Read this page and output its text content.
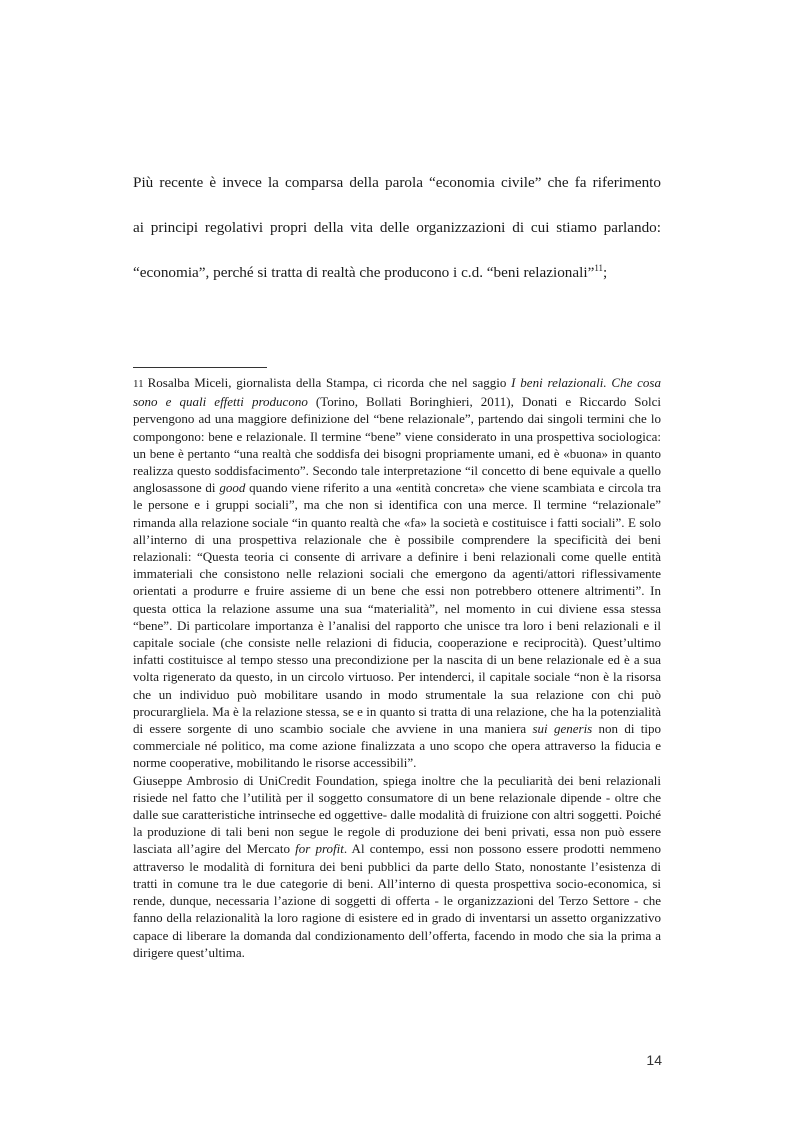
Più recente è invece la comparsa della parola “economia civile” che fa riferimento
ai principi regolativi propri della vita delle organizzazioni di cui stiamo parlando:
“economia”, perché si tratta di realtà che producono i c.d. “beni relazionali”$^{11}$;

11 Rosalba Miceli, giornalista della Stampa, ci ricorda che nel saggio I beni relazionali. Che cosa sono e quali effetti producono (Torino, Bollati Boringhieri, 2011), Donati e Riccardo Solci pervengono ad una maggiore definizione del “bene relazionale”, partendo dai singoli termini che lo compongono: bene e relazionale. Il termine “bene” viene considerato in una prospettiva sociologica: un bene è pertanto “una realtà che soddisfa dei bisogni propriamente umani, ed è «buona» in quanto realizza questo soddisfacimento”. Secondo tale interpretazione “il concetto di bene equivale a quello anglosassone di good quando viene riferito a una «entità concreta» che viene scambiata e circola tra le persone e i gruppi sociali”, ma che non si identifica con una merce. Il termine “relazionale” rimanda alla relazione sociale “in quanto realtà che «fa» la società e costituisce i fatti sociali”. E solo all’interno di una prospettiva relazionale che è possibile comprendere la specificità dei beni relazionali: “Questa teoria ci consente di arrivare a definire i beni relazionali come quelle entità immateriali che consistono nelle relazioni sociali che emergono da agenti/attori riflessivamente orientati a produrre e fruire assieme di un bene che essi non potrebbero ottenere altrimenti”. In questa ottica la relazione assume una sua “materialità”, nel momento in cui diviene essa stessa “bene”. Di particolare importanza è l’analisi del rapporto che unisce tra loro i beni relazionali e il capitale sociale (che consiste nelle relazioni di fiducia, cooperazione e reciprocità). Quest’ultimo infatti costituisce al tempo stesso una precondizione per la nascita di un bene relazionale ed è a sua volta rigenerato da questo, in un circolo virtuoso. Per intenderci, il capitale sociale “non è la risorsa che un individuo può mobilitare usando in modo strumentale la sua relazione con chi può procurargliela. Ma è la relazione stessa, se e in quanto si tratta di una relazione, che ha la potenzialità di essere sorgente di uno scambio sociale che avviene in una maniera sui generis non di tipo commerciale né politico, ma come azione finalizzata a uno scopo che opera attraverso la fiducia e norme cooperative, mobilitando le risorse accessibili”.

Giuseppe Ambrosio di UniCredit Foundation, spiega inoltre che la peculiarità dei beni relazionali risiede nel fatto che l’utilità per il soggetto consumatore di un bene relazionale dipende - oltre che dalle sue caratteristiche intrinseche ed oggettive- dalle modalità di fruizione con altri soggetti. Poiché la produzione di tali beni non segue le regole di produzione dei beni privati, essa non può essere lasciata all’agire del Mercato for profit. Al contempo, essi non possono essere prodotti nemmeno attraverso le modalità di fornitura dei beni pubblici da parte dello Stato, nonostante l’esistenza di tratti in comune tra le due categorie di beni. All’interno di questa prospettiva socio-economica, si rende, dunque, necessaria l’azione di soggetti di offerta - le organizzazioni del Terzo Settore - che fanno della relazionalità la loro ragione di esistere ed in grado di inventarsi un assetto organizzativo capace di liberare la domanda dal condizionamento dell’offerta, facendo in modo che sia la prima a dirigere quest’ultima.

14
